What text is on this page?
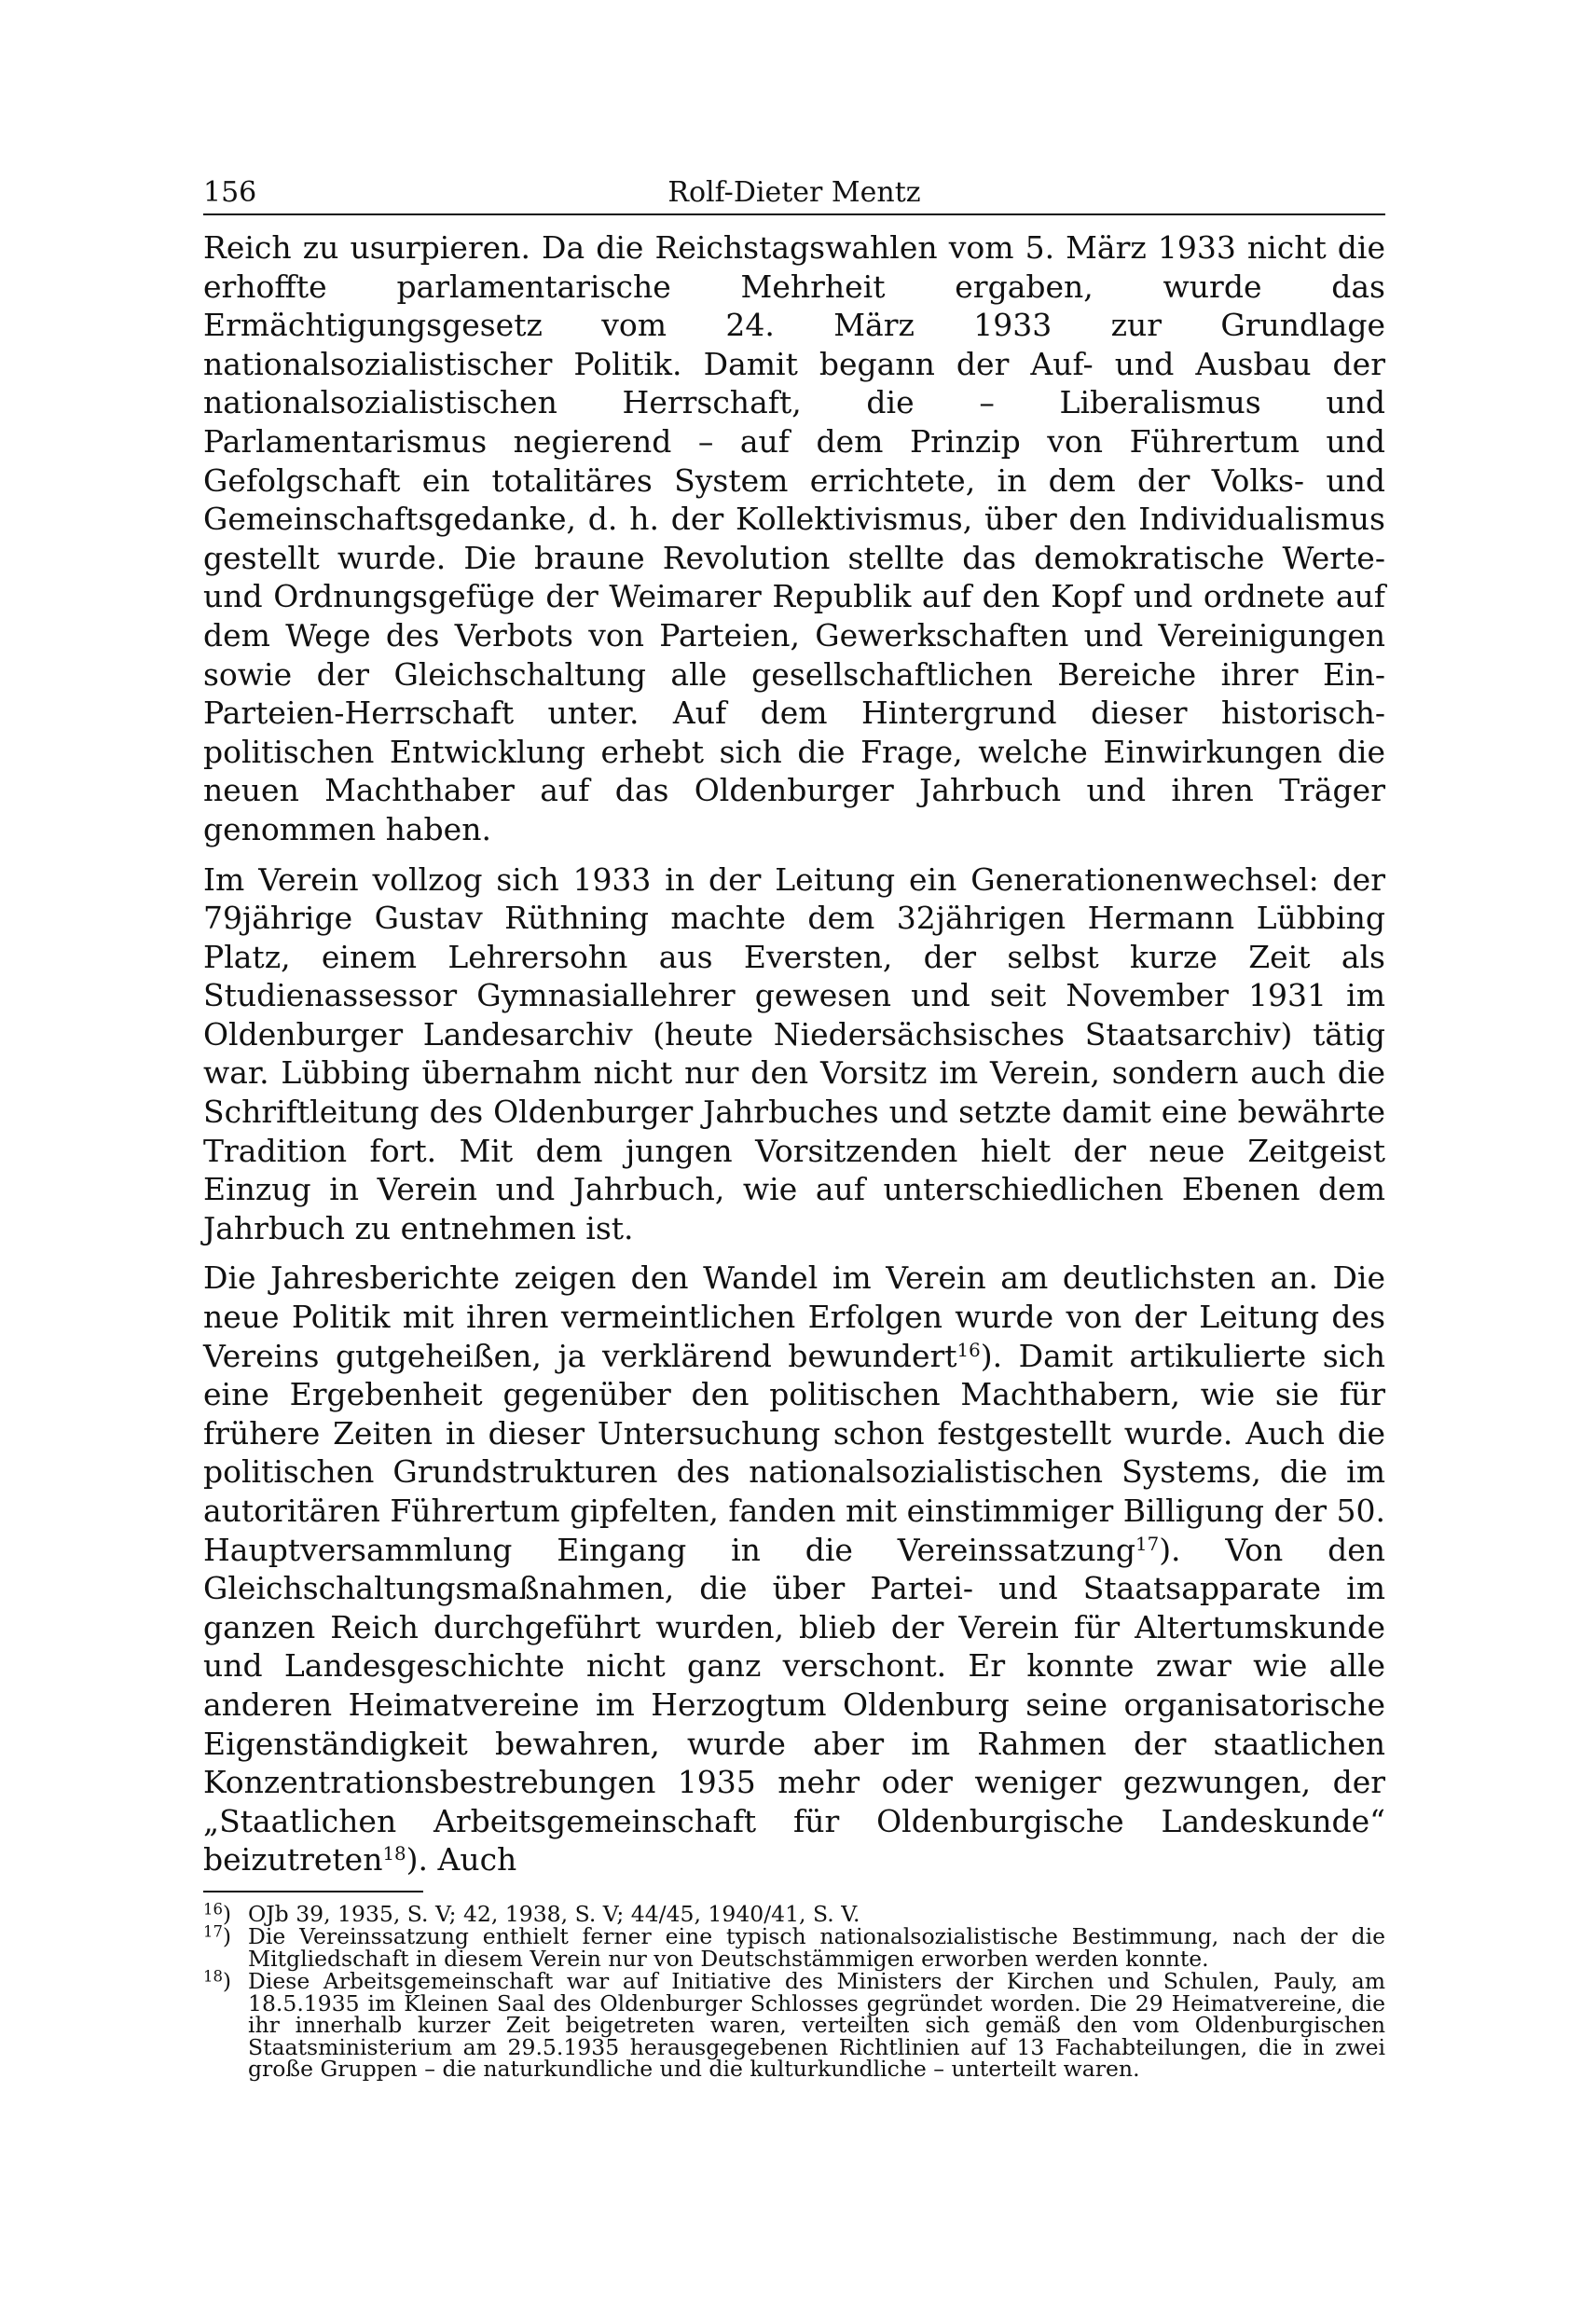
156	Rolf-Dieter Mentz

Reich zu usurpieren. Da die Reichstagswahlen vom 5. März 1933 nicht die erhoffte parlamentarische Mehrheit ergaben, wurde das Ermächtigungsgesetz vom 24. März 1933 zur Grundlage nationalsozialistischer Politik. Damit begann der Auf- und Ausbau der nationalsozialistischen Herrschaft, die – Liberalismus und Parlamentarismus negierend – auf dem Prinzip von Führertum und Gefolgschaft ein totalitäres System errichtete, in dem der Volks- und Gemeinschaftsgedanke, d. h. der Kollektivismus, über den Individualismus gestellt wurde. Die braune Revolution stellte das demokratische Werte- und Ordnungsgefüge der Weimarer Republik auf den Kopf und ordnete auf dem Wege des Verbots von Parteien, Gewerkschaften und Vereinigungen sowie der Gleichschaltung alle gesellschaftlichen Bereiche ihrer Ein-Parteien-Herrschaft unter. Auf dem Hintergrund dieser historisch-politischen Entwicklung erhebt sich die Frage, welche Einwirkungen die neuen Machthaber auf das Oldenburger Jahrbuch und ihren Träger genommen haben.

Im Verein vollzog sich 1933 in der Leitung ein Generationenwechsel: der 79jährige Gustav Rüthning machte dem 32jährigen Hermann Lübbing Platz, einem Lehrersohn aus Eversten, der selbst kurze Zeit als Studienassessor Gymnasiallehrer gewesen und seit November 1931 im Oldenburger Landesarchiv (heute Niedersächsisches Staatsarchiv) tätig war. Lübbing übernahm nicht nur den Vorsitz im Verein, sondern auch die Schriftleitung des Oldenburger Jahrbuches und setzte damit eine bewährte Tradition fort. Mit dem jungen Vorsitzenden hielt der neue Zeitgeist Einzug in Verein und Jahrbuch, wie auf unterschiedlichen Ebenen dem Jahrbuch zu entnehmen ist.

Die Jahresberichte zeigen den Wandel im Verein am deutlichsten an. Die neue Politik mit ihren vermeintlichen Erfolgen wurde von der Leitung des Vereins gutgeheißen, ja verklärend bewundert$^{16}$). Damit artikulierte sich eine Ergebenheit gegenüber den politischen Machthabern, wie sie für frühere Zeiten in dieser Untersuchung schon festgestellt wurde. Auch die politischen Grundstrukturen des nationalsozialistischen Systems, die im autoritären Führertum gipfelten, fanden mit einstimmiger Billigung der 50. Hauptversammlung Eingang in die Vereinssatzung$^{17}$). Von den Gleichschaltungsmaßnahmen, die über Partei- und Staatsapparate im ganzen Reich durchgeführt wurden, blieb der Verein für Altertumskunde und Landesgeschichte nicht ganz verschont. Er konnte zwar wie alle anderen Heimatvereine im Herzogtum Oldenburg seine organisatorische Eigenständigkeit bewahren, wurde aber im Rahmen der staatlichen Konzentrationsbestrebungen 1935 mehr oder weniger gezwungen, der „Staatlichen Arbeitsgemeinschaft für Oldenburgische Landeskunde“ beizutreten$^{18}$). Auch

$^{16}$) OJb 39, 1935, S. V; 42, 1938, S. V; 44/45, 1940/41, S. V.
$^{17}$) Die Vereinssatzung enthielt ferner eine typisch nationalsozialistische Bestimmung, nach der die Mitgliedschaft in diesem Verein nur von Deutschstämmigen erworben werden konnte.
$^{18}$) Diese Arbeitsgemeinschaft war auf Initiative des Ministers der Kirchen und Schulen, Pauly, am 18.5.1935 im Kleinen Saal des Oldenburger Schlosses gegründet worden. Die 29 Heimatvereine, die ihr innerhalb kurzer Zeit beigetreten waren, verteilten sich gemäß den vom Oldenburgischen Staatsministerium am 29.5.1935 herausgegebenen Richtlinien auf 13 Fachabteilungen, die in zwei große Gruppen – die naturkundliche und die kulturkundliche – unterteilt waren.
